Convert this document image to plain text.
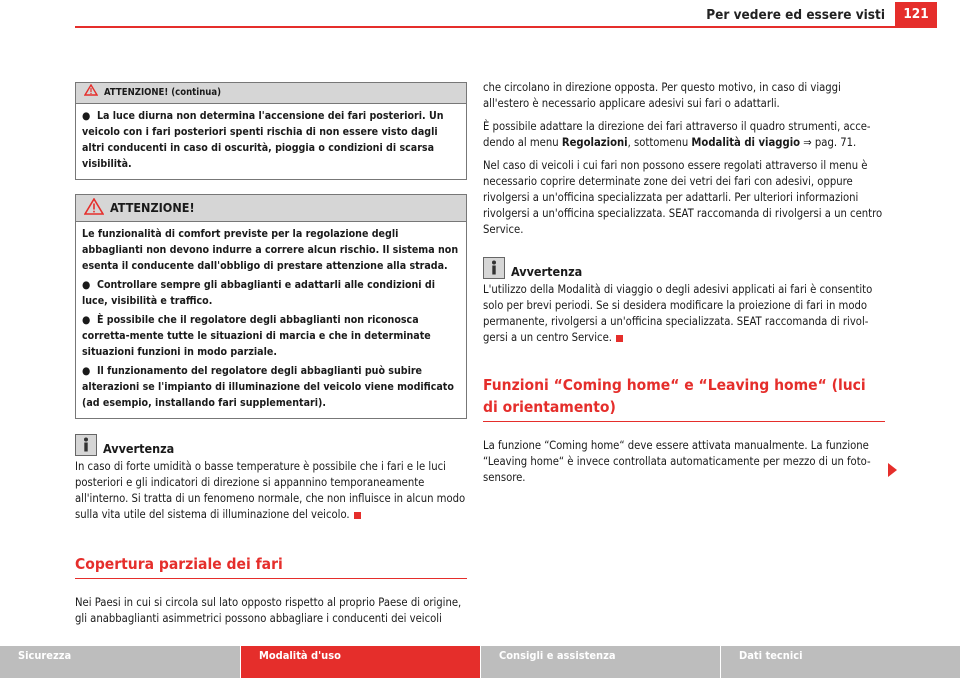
Per vedere ed essere visti	121
ATTENZIONE! (continua)

●  La luce diurna non determina l'accensione dei fari posteriori. Un veicolo con i fari posteriori spenti rischia di non essere visto dagli altri conducenti in caso di oscurità, pioggia o condizioni di scarsa visibilità.

ATTENZIONE!

Le funzionalità di comfort previste per la regolazione degli abbaglianti non devono indurre a correre alcun rischio. Il sistema non esenta il conducente dall'obbligo di prestare attenzione alla strada.

●  Controllare sempre gli abbaglianti e adattarli alle condizioni di luce, visibilità e traffico.

●  È possibile che il regolatore degli abbaglianti non riconosca corretta-mente tutte le situazioni di marcia e che in determinate situazioni funzioni in modo parziale.

●  Il funzionamento del regolatore degli abbaglianti può subire alterazioni se l'impianto di illuminazione del veicolo viene modificato (ad esempio, installando fari supplementari).

Avvertenza

In caso di forte umidità o basse temperature è possibile che i fari e le luci posteriori e gli indicatori di direzione si appannino temporaneamente all'interno. Si tratta di un fenomeno normale, che non influisce in alcun modo sulla vita utile del sistema di illuminazione del veicolo.

Copertura parziale dei fari

Nei Paesi in cui si circola sul lato opposto rispetto al proprio Paese di origine, gli anabbaglianti asimmetrici possono abbagliare i conducenti dei veicoli

che circolano in direzione opposta. Per questo motivo, in caso di viaggi all'estero è necessario applicare adesivi sui fari o adattarli.

È possibile adattare la direzione dei fari attraverso il quadro strumenti, acce-dendo al menu Regolazioni, sottomenu Modalità di viaggio ⇒ pag. 71.

Nel caso di veicoli i cui fari non possono essere regolati attraverso il menu è necessario coprire determinate zone dei vetri dei fari con adesivi, oppure rivolgersi a un'officina specializzata per adattarli. Per ulteriori informazioni rivolgersi a un'officina specializzata. SEAT raccomanda di rivolgersi a un centro Service.

Avvertenza

L'utilizzo della Modalità di viaggio o degli adesivi applicati ai fari è consentito solo per brevi periodi. Se si desidera modificare la proiezione di fari in modo permanente, rivolgersi a un'officina specializzata. SEAT raccomanda di rivol-gersi a un centro Service.

Funzioni “Coming home“ e “Leaving home“ (luci di orientamento)

La funzione “Coming home“ deve essere attivata manualmente. La funzione “Leaving home“ è invece controllata automaticamente per mezzo di un foto-sensore.

Sicurezza	Modalità d'uso	Consigli e assistenza	Dati tecnici
